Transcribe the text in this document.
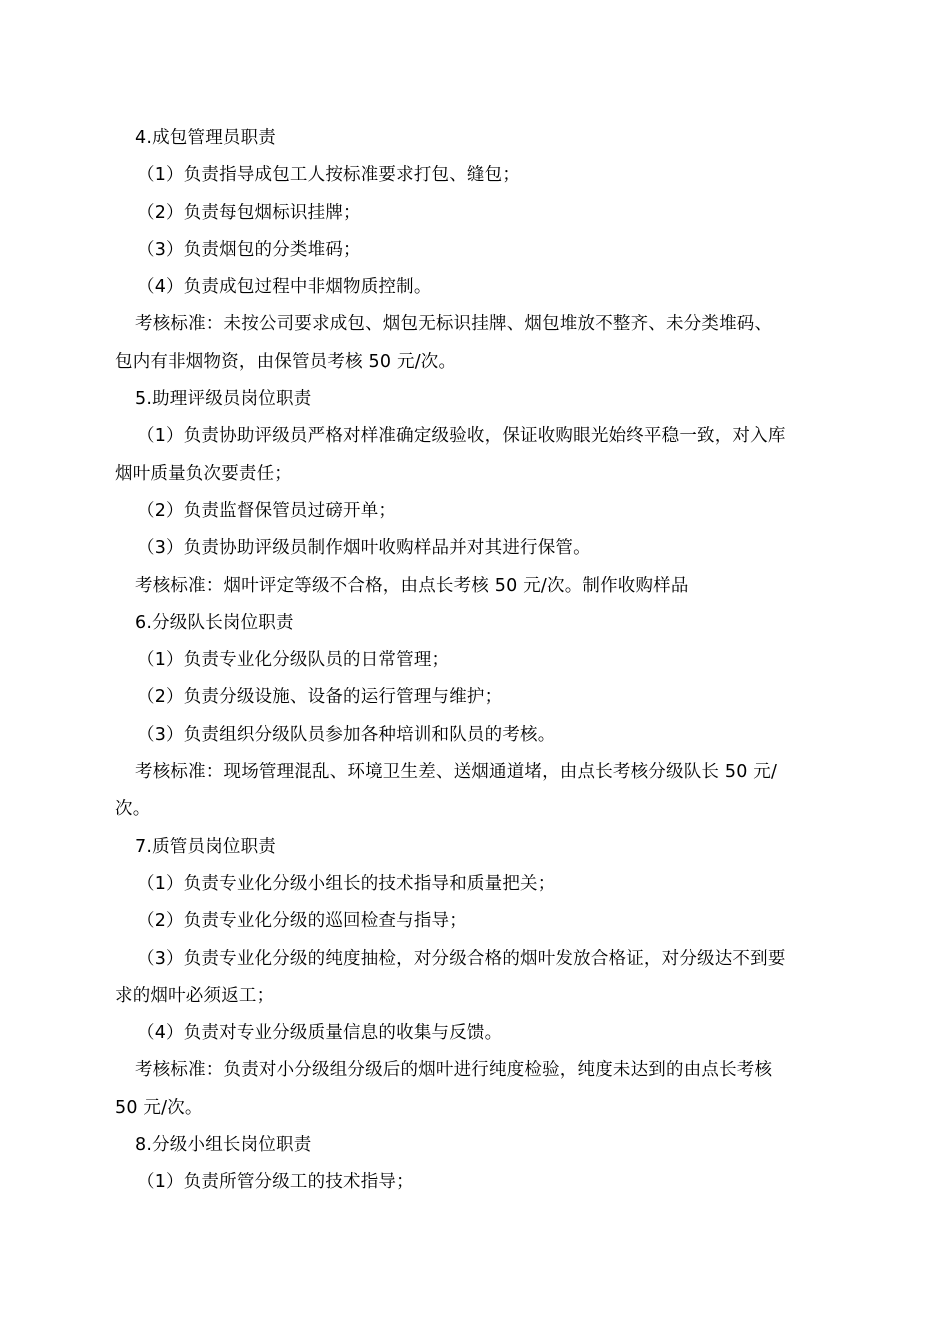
4.成包管理员职责
（1）负责指导成包工人按标准要求打包、缝包；
（2）负责每包烟标识挂牌；
（3）负责烟包的分类堆码；
（4）负责成包过程中非烟物质控制。
考核标准：未按公司要求成包、烟包无标识挂牌、烟包堆放不整齐、未分类堆码、
包内有非烟物资，由保管员考核 50 元/次。
5.助理评级员岗位职责
（1）负责协助评级员严格对样准确定级验收，保证收购眼光始终平稳一致，对入库
烟叶质量负次要责任；
（2）负责监督保管员过磅开单；
（3）负责协助评级员制作烟叶收购样品并对其进行保管。
考核标准：烟叶评定等级不合格，由点长考核 50 元/次。制作收购样品
6.分级队长岗位职责
（1）负责专业化分级队员的日常管理；
（2）负责分级设施、设备的运行管理与维护；
（3）负责组织分级队员参加各种培训和队员的考核。
考核标准：现场管理混乱、环境卫生差、送烟通道堵，由点长考核分级队长 50 元/
次。
7.质管员岗位职责
（1）负责专业化分级小组长的技术指导和质量把关；
（2）负责专业化分级的巡回检查与指导；
（3）负责专业化分级的纯度抽检，对分级合格的烟叶发放合格证，对分级达不到要
求的烟叶必须返工；
（4）负责对专业分级质量信息的收集与反馈。
考核标准：负责对小分级组分级后的烟叶进行纯度检验，纯度未达到的由点长考核
50 元/次。
8.分级小组长岗位职责
（1）负责所管分级工的技术指导；
